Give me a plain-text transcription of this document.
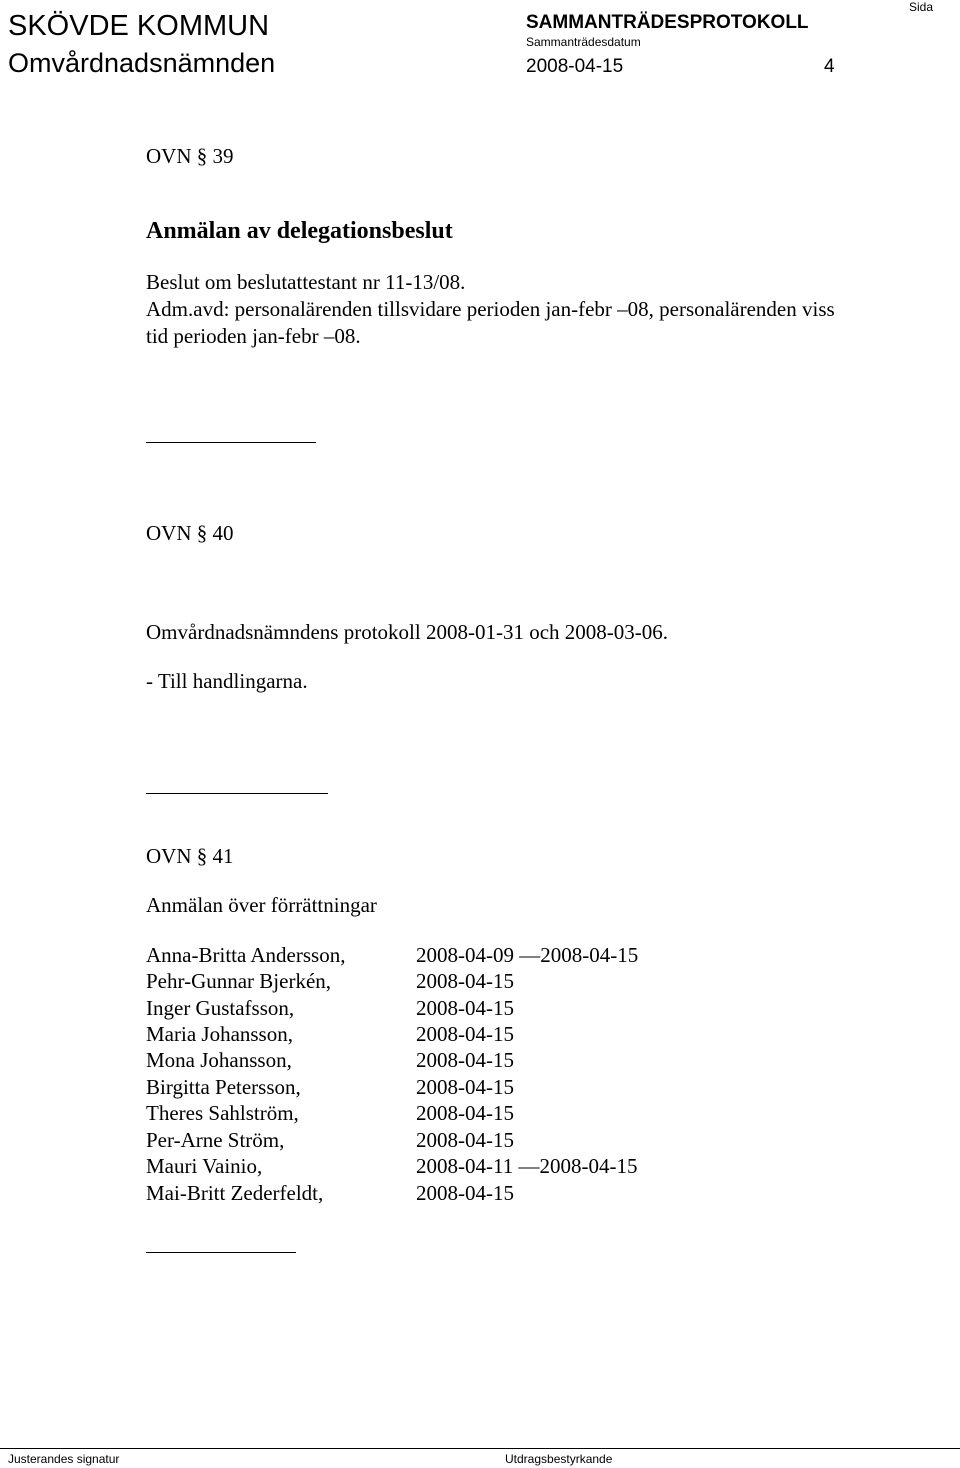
SKÖVDE KOMMUN
Omvårdnadsnämnden
SAMMANTRÄDESPROTOKOLL
Sammanträdesdatum
2008-04-15
Sida
4
OVN § 39
Anmälan av delegationsbeslut
Beslut om beslutattestant nr 11-13/08.
Adm.avd: personalärenden tillsvidare perioden jan-febr –08, personalärenden viss
tid perioden jan-febr –08.
OVN § 40
Omvårdnadsnämndens protokoll 2008-01-31 och 2008-03-06.
- Till handlingarna.
OVN § 41
Anmälan över förrättningar
Anna-Britta Andersson,	2008-04-09 —2008-04-15
Pehr-Gunnar Bjerkén,	2008-04-15
Inger Gustafsson,	2008-04-15
Maria Johansson,	2008-04-15
Mona Johansson,	2008-04-15
Birgitta Petersson,	2008-04-15
Theres Sahlström,	2008-04-15
Per-Arne Ström,	2008-04-15
Mauri Vainio,	2008-04-11 —2008-04-15
Mai-Britt Zederfeldt,	2008-04-15
Justerandes signatur	Utdragsbestyrkande
